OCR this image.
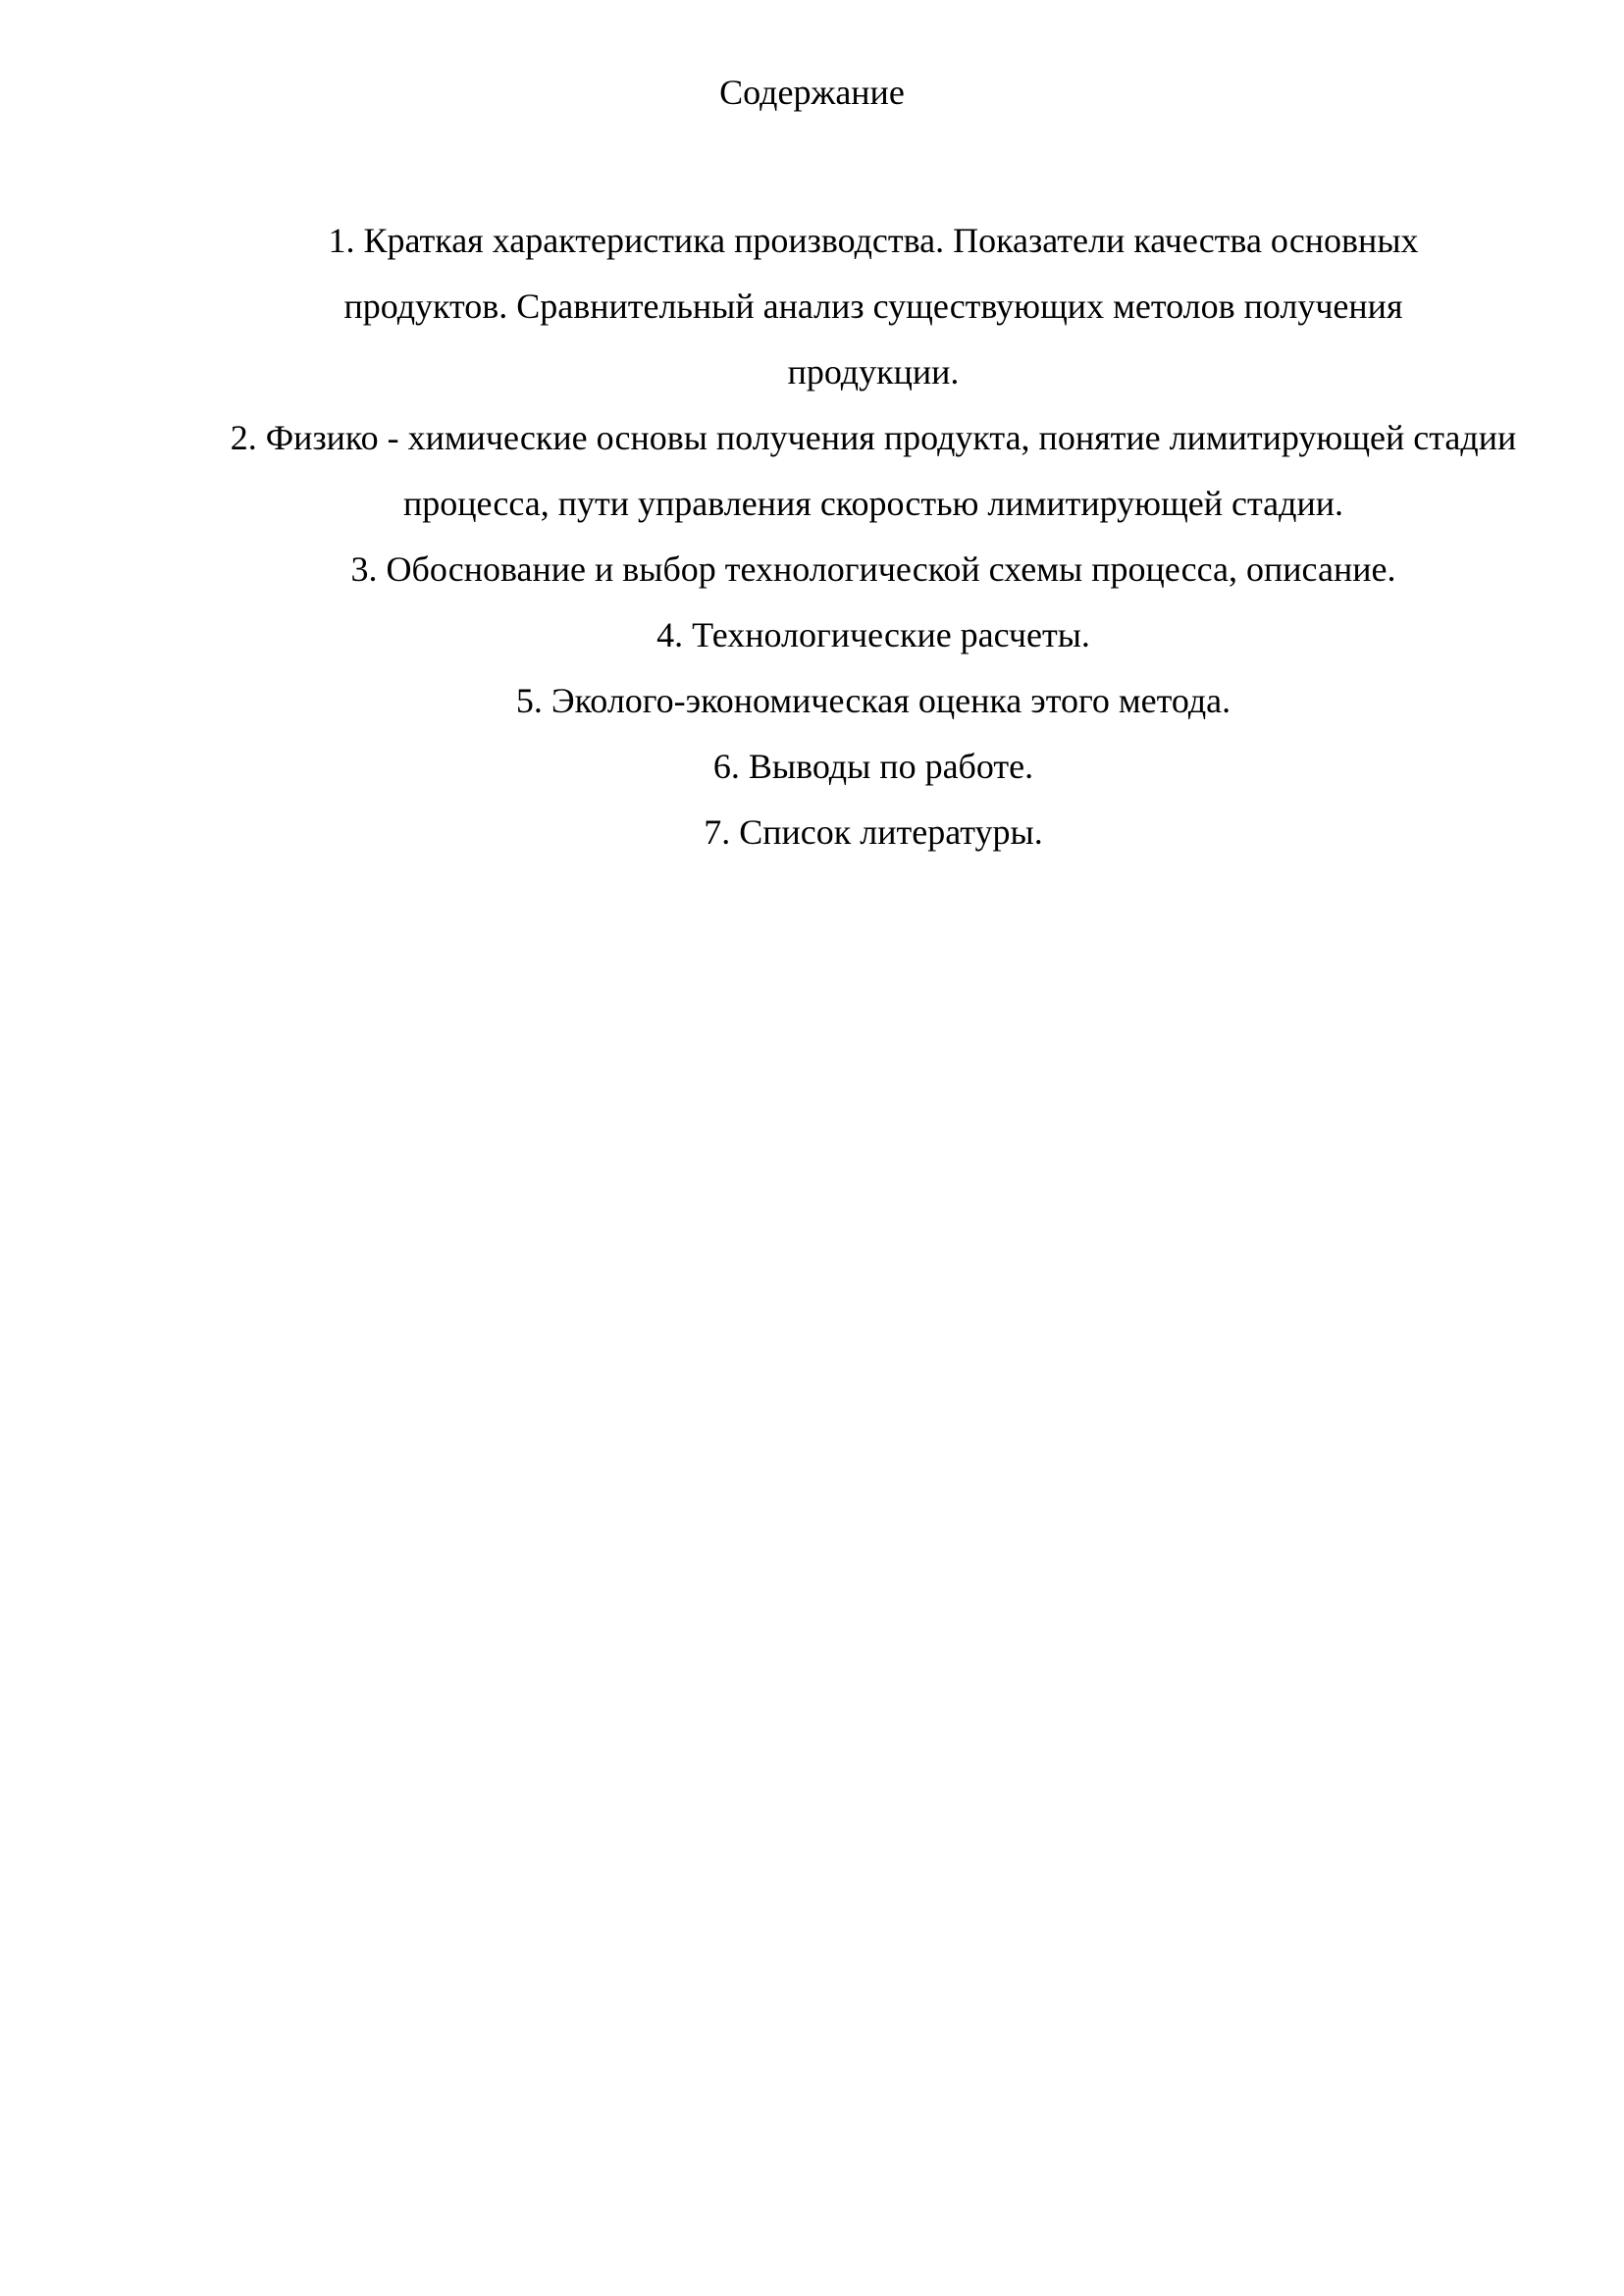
Содержание
1. Краткая характеристика производства. Показатели качества основных продуктов. Сравнительный анализ существующих метолов получения продукции.
2. Физико - химические основы получения продукта, понятие лимитирующей стадии процесса, пути управления скоростью лимитирующей стадии.
3. Обоснование и выбор технологической схемы процесса, описание.
4. Технологические расчеты.
5. Эколого-экономическая оценка этого метода.
6. Выводы по работе.
7. Список литературы.
